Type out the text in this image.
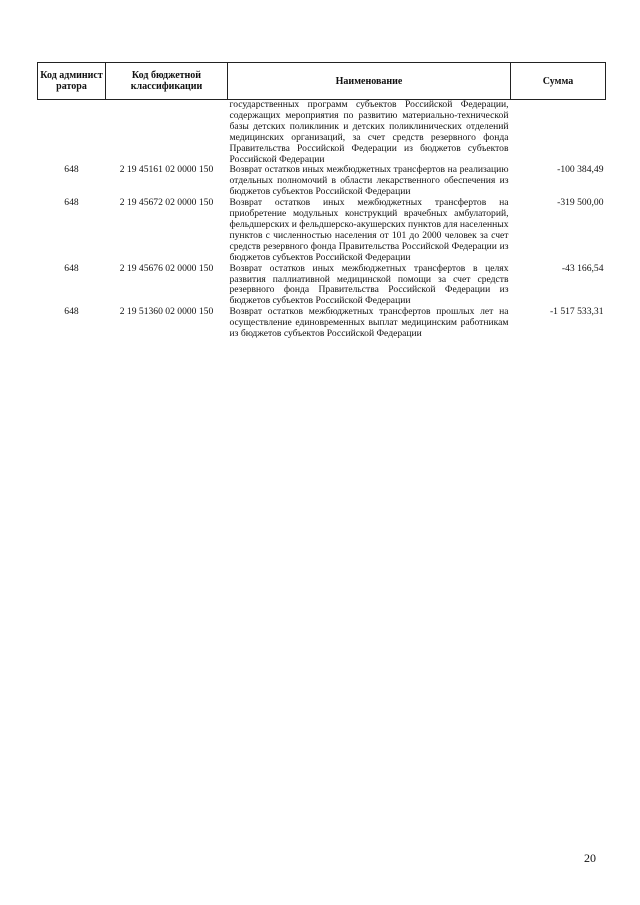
Код админист ратора	Код бюджетной классификации	Наименование	Сумма
		государственных программ субъектов Российской Федерации, содержащих мероприятия по развитию материально-технической базы детских поликлиник и детских поликлинических отделений медицинских организаций, за счет средств резервного фонда Правительства Российской Федерации из бюджетов субъектов Российской Федерации	
648	2 19 45161 02 0000 150	Возврат остатков иных межбюджетных трансфертов на реализацию отдельных полномочий в области лекарственного обеспечения из бюджетов субъектов Российской Федерации	-100 384,49
648	2 19 45672 02 0000 150	Возврат остатков иных межбюджетных трансфертов на приобретение модульных конструкций врачебных амбулаторий, фельдшерских и фельдшерско-акушерских пунктов для населенных пунктов с численностью населения от 101 до 2000 человек за счет средств резервного фонда Правительства Российской Федерации из бюджетов субъектов Российской Федерации	-319 500,00
648	2 19 45676 02 0000 150	Возврат остатков иных межбюджетных трансфертов в целях развития паллиативной медицинской помощи за счет средств резервного фонда Правительства Российской Федерации из бюджетов субъектов Российской Федерации	-43 166,54
648	2 19 51360 02 0000 150	Возврат остатков межбюджетных трансфертов прошлых лет на осуществление единовременных выплат медицинским работникам из бюджетов субъектов Российской Федерации	-1 517 533,31
20
